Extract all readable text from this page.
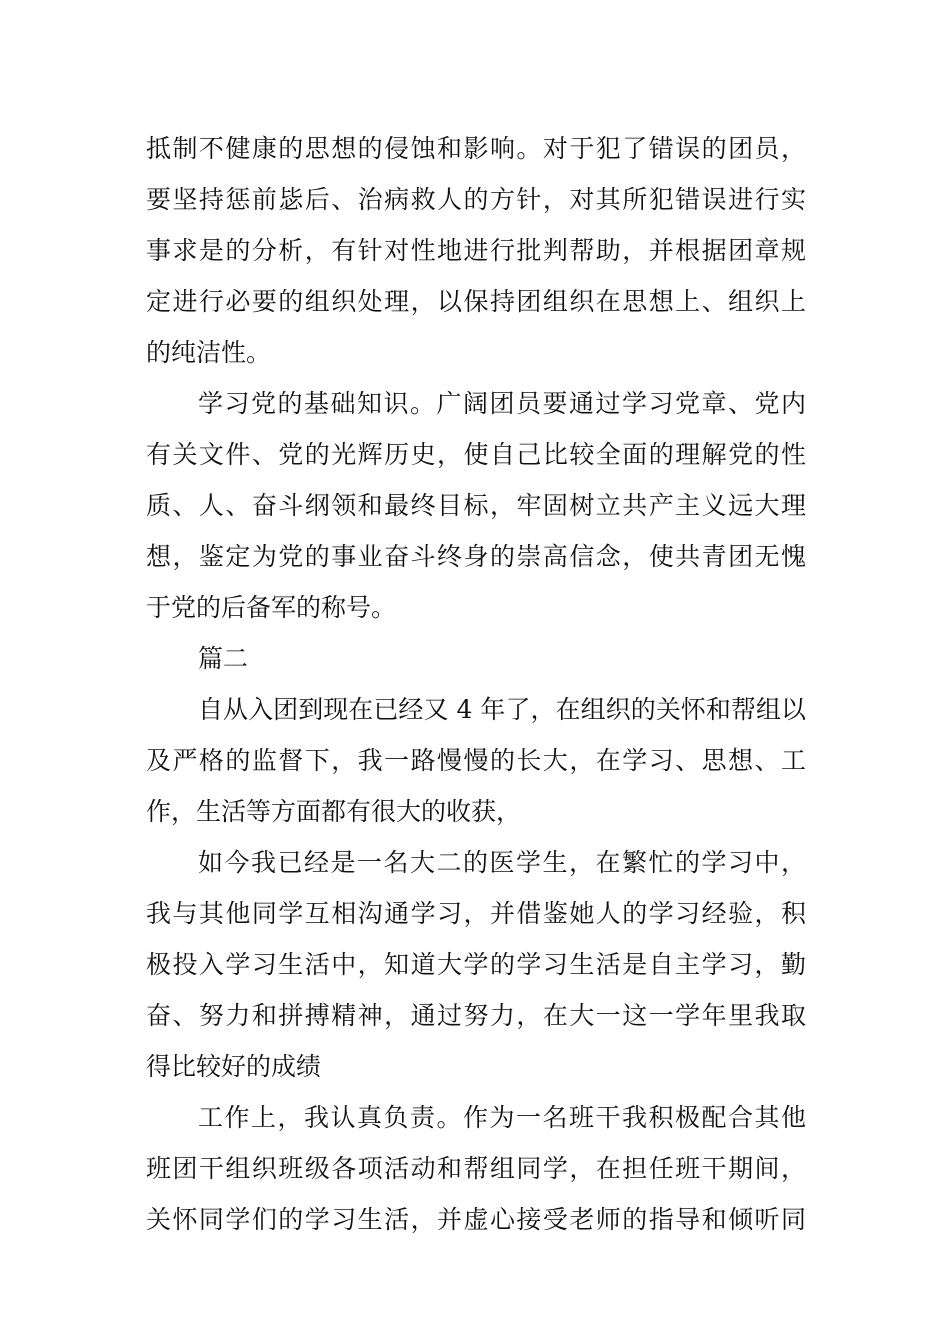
抵制不健康的思想的侵蚀和影响。对于犯了错误的团员，
要坚持惩前毖后、治病救人的方针，对其所犯错误进行实
事求是的分析，有针对性地进行批判帮助，并根据团章规
定进行必要的组织处理，以保持团组织在思想上、组织上
的纯洁性。
学习党的基础知识。广阔团员要通过学习党章、党内
有关文件、党的光辉历史，使自己比较全面的理解党的性
质、人、奋斗纲领和最终目标，牢固树立共产主义远大理
想，鉴定为党的事业奋斗终身的崇高信念，使共青团无愧
于党的后备军的称号。
篇二
自从入团到现在已经又 4 年了，在组织的关怀和帮组以
及严格的监督下，我一路慢慢的长大，在学习、思想、工
作，生活等方面都有很大的收获，
如今我已经是一名大二的医学生，在繁忙的学习中，
我与其他同学互相沟通学习，并借鉴她人的学习经验，积
极投入学习生活中，知道大学的学习生活是自主学习，勤
奋、努力和拼搏精神，通过努力，在大一这一学年里我取
得比较好的成绩
工作上，我认真负责。作为一名班干我积极配合其他
班团干组织班级各项活动和帮组同学，在担任班干期间，
关怀同学们的学习生活，并虚心接受老师的指导和倾听同
